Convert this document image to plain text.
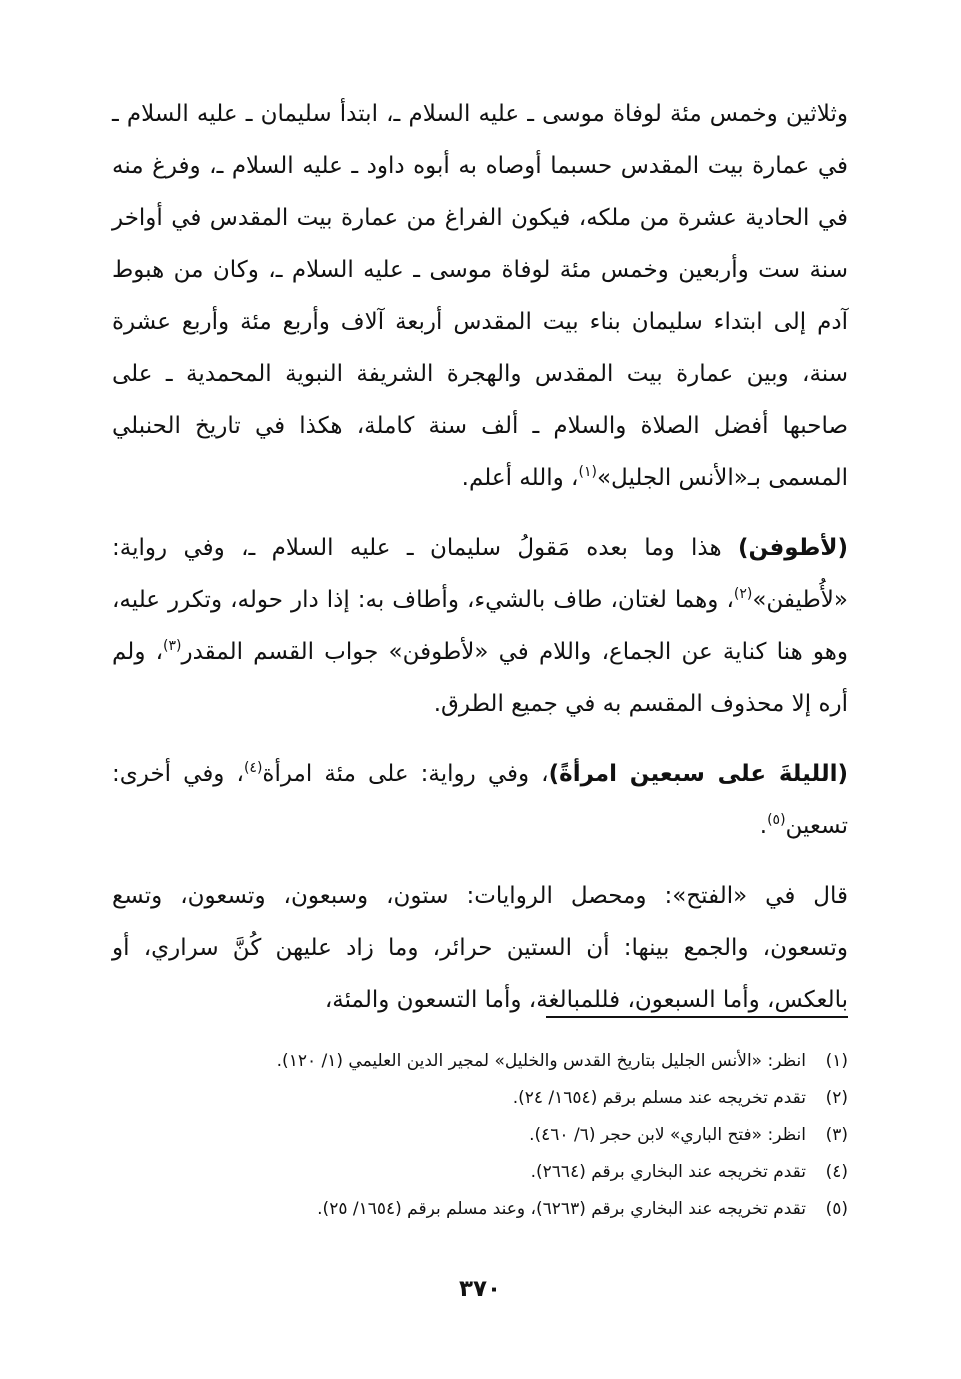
وثلاثين وخمس مئة لوفاة موسى ـ عليه السلام ـ، ابتدأ سليمان ـ عليه السلام ـ في عمارة بيت المقدس حسبما أوصاه به أبوه داود ـ عليه السلام ـ، وفرغ منه في الحادية عشرة من ملكه، فيكون الفراغ من عمارة بيت المقدس في أواخر سنة ست وأربعين وخمس مئة لوفاة موسى ـ عليه السلام ـ، وكان من هبوط آدم إلى ابتداء سليمان بناء بيت المقدس أربعة آلاف وأربع مئة وأربع عشرة سنة، وبين عمارة بيت المقدس والهجرة الشريفة النبوية المحمدية ـ على صاحبها أفضل الصلاة والسلام ـ ألف سنة كاملة، هكذا في تاريخ الحنبلي المسمى بـ«الأنس الجليل»$^{(١)}$، والله أعلم.

(لأطوفن) هذا وما بعده مَقولُ سليمان ـ عليه السلام ـ، وفي رواية: «لأُطيفن»$^{(٢)}$، وهما لغتان، طاف بالشيء، وأطاف به: إذا دار حوله، وتكرر عليه، وهو هنا كناية عن الجماع، واللام في «لأطوفن» جواب القسم المقدر$^{(٣)}$، ولم أره إلا محذوف المقسم به في جميع الطرق.

(الليلةَ على سبعين امرأةً)، وفي رواية: على مئة امرأة$^{(٤)}$، وفي أخرى: تسعين$^{(٥)}$.

قال في «الفتح»: ومحصل الروايات: ستون، وسبعون، وتسعون، وتسع وتسعون، والجمع بينها: أن الستين حرائر، وما زاد عليهن كُنَّ سراري، أو بالعكس، وأما السبعون، فللمبالغة، وأما التسعون والمئة،

(١)انظر: «الأنس الجليل بتاريخ القدس والخليل» لمجير الدين العليمي (١/ ١٢٠).
(٢)تقدم تخريجه عند مسلم برقم (١٦٥٤/ ٢٤).
(٣)انظر: «فتح الباري» لابن حجر (٦/ ٤٦٠).
(٤)تقدم تخريجه عند البخاري برقم (٢٦٦٤).
(٥)تقدم تخريجه عند البخاري برقم (٦٢٦٣)، وعند مسلم برقم (١٦٥٤/ ٢٥).
٣٧٠
